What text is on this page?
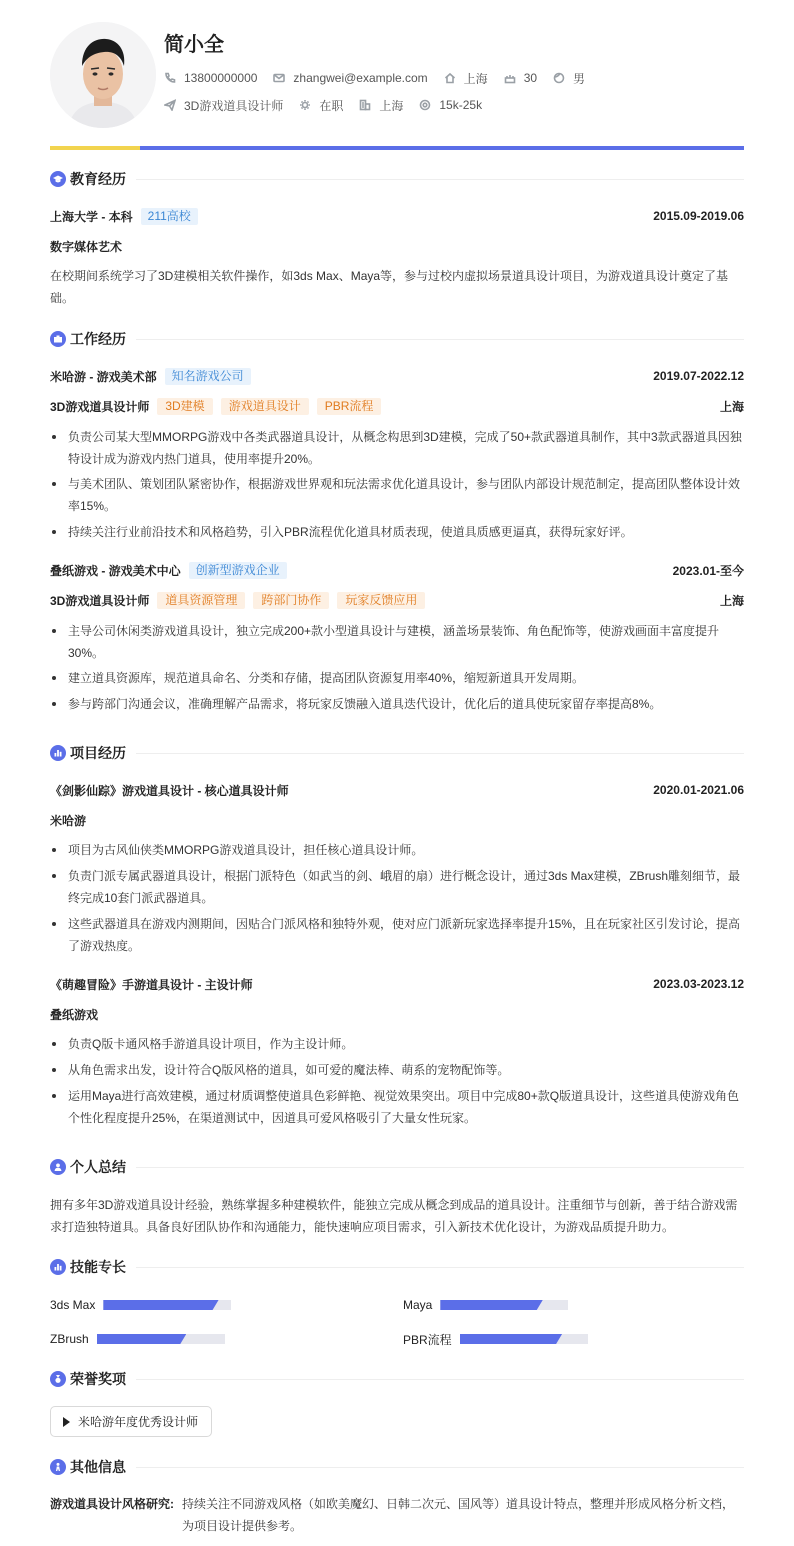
简小全
13800000000	zhangwei@example.com	上海	30	男
3D游戏道具设计师	在职	上海	15k-25k
教育经历
上海大学 - 本科	211高校	2015.09-2019.06
数字媒体艺术
在校期间系统学习了3D建模相关软件操作，如3ds Max、Maya等，参与过校内虚拟场景道具设计项目，为游戏道具设计奠定了基础。
工作经历
米哈游 - 游戏美术部	知名游戏公司	2019.07-2022.12
3D游戏道具设计师	3D建模	游戏道具设计	PBR流程	上海
负责公司某大型MMORPG游戏中各类武器道具设计，从概念构思到3D建模，完成了50+款武器道具制作，其中3款武器道具因独特设计成为游戏内热门道具，使用率提升20%。
与美术团队、策划团队紧密协作，根据游戏世界观和玩法需求优化道具设计，参与团队内部设计规范制定，提高团队整体设计效率15%。
持续关注行业前沿技术和风格趋势，引入PBR流程优化道具材质表现，使道具质感更逼真，获得玩家好评。
叠纸游戏 - 游戏美术中心	创新型游戏企业	2023.01-至今
3D游戏道具设计师	道具资源管理	跨部门协作	玩家反馈应用	上海
主导公司休闲类游戏道具设计，独立完成200+款小型道具设计与建模，涵盖场景装饰、角色配饰等，使游戏画面丰富度提升30%。
建立道具资源库，规范道具命名、分类和存储，提高团队资源复用率40%，缩短新道具开发周期。
参与跨部门沟通会议，准确理解产品需求，将玩家反馈融入道具迭代设计，优化后的道具使玩家留存率提高8%。
项目经历
《剑影仙踪》游戏道具设计 - 核心道具设计师	2020.01-2021.06
米哈游
项目为古风仙侠类MMORPG游戏道具设计，担任核心道具设计师。
负责门派专属武器道具设计，根据门派特色（如武当的剑、峨眉的扇）进行概念设计，通过3ds Max建模，ZBrush雕刻细节，最终完成10套门派武器道具。
这些武器道具在游戏内测期间，因贴合门派风格和独特外观，使对应门派新玩家选择率提升15%，且在玩家社区引发讨论，提高了游戏热度。
《萌趣冒险》手游道具设计 - 主设计师	2023.03-2023.12
叠纸游戏
负责Q版卡通风格手游道具设计项目，作为主设计师。
从角色需求出发，设计符合Q版风格的道具，如可爱的魔法棒、萌系的宠物配饰等。
运用Maya进行高效建模，通过材质调整使道具色彩鲜艳、视觉效果突出。项目中完成80+款Q版道具设计，这些道具使游戏角色个性化程度提升25%，在渠道测试中，因道具可爱风格吸引了大量女性玩家。
个人总结
拥有多年3D游戏道具设计经验，熟练掌握多种建模软件，能独立完成从概念到成品的道具设计。注重细节与创新，善于结合游戏需求打造独特道具。具备良好团队协作和沟通能力，能快速响应项目需求，引入新技术优化设计，为游戏品质提升助力。
技能专长
3ds Max	Maya
ZBrush	PBR流程
荣誉奖项
米哈游年度优秀设计师
其他信息
游戏道具设计风格研究: 持续关注不同游戏风格（如欧美魔幻、日韩二次元、国风等）道具设计特点，整理并形成风格分析文档，为项目设计提供参考。
